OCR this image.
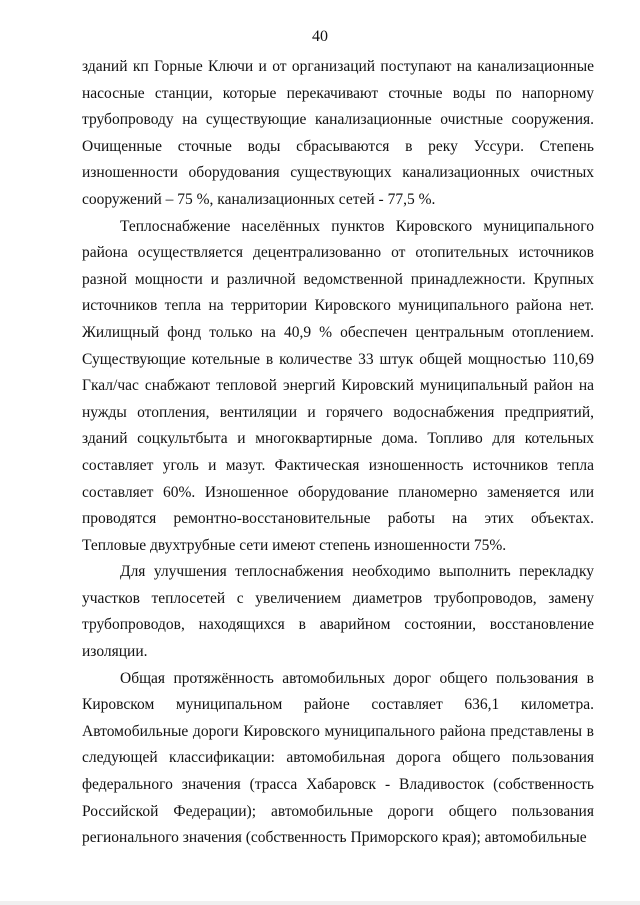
40

зданий кп Горные Ключи и от организаций поступают на канализационные насосные станции, которые перекачивают сточные воды по напорному трубопроводу на существующие канализационные очистные сооружения. Очищенные сточные воды сбрасываются в реку Уссури. Степень изношенности оборудования существующих канализационных очистных сооружений – 75 %, канализационных сетей - 77,5 %.

Теплоснабжение населённых пунктов Кировского муниципального района осуществляется децентрализованно от отопительных источников разной мощности и различной ведомственной принадлежности. Крупных источников тепла на территории Кировского муниципального района нет. Жилищный фонд только на 40,9 % обеспечен центральным отоплением. Существующие котельные в количестве 33 штук общей мощностью 110,69 Гкал/час снабжают тепловой энергий Кировский муниципальный район на нужды отопления, вентиляции и горячего водоснабжения предприятий, зданий соцкультбыта и многоквартирные дома. Топливо для котельных составляет уголь и мазут. Фактическая изношенность источников тепла составляет 60%. Изношенное оборудование планомерно заменяется или проводятся ремонтно-восстановительные работы на этих объектах. Тепловые двухтрубные сети имеют степень изношенности 75%.

Для улучшения теплоснабжения необходимо выполнить перекладку участков теплосетей с увеличением диаметров трубопроводов, замену трубопроводов, находящихся в аварийном состоянии, восстановление изоляции.

Общая протяжённость автомобильных дорог общего пользования в Кировском муниципальном районе составляет 636,1 километра. Автомобильные дороги Кировского муниципального района представлены в следующей классификации: автомобильная дорога общего пользования федерального значения (трасса Хабаровск - Владивосток (собственность Российской Федерации); автомобильные дороги общего пользования регионального значения (собственность Приморского края); автомобильные
